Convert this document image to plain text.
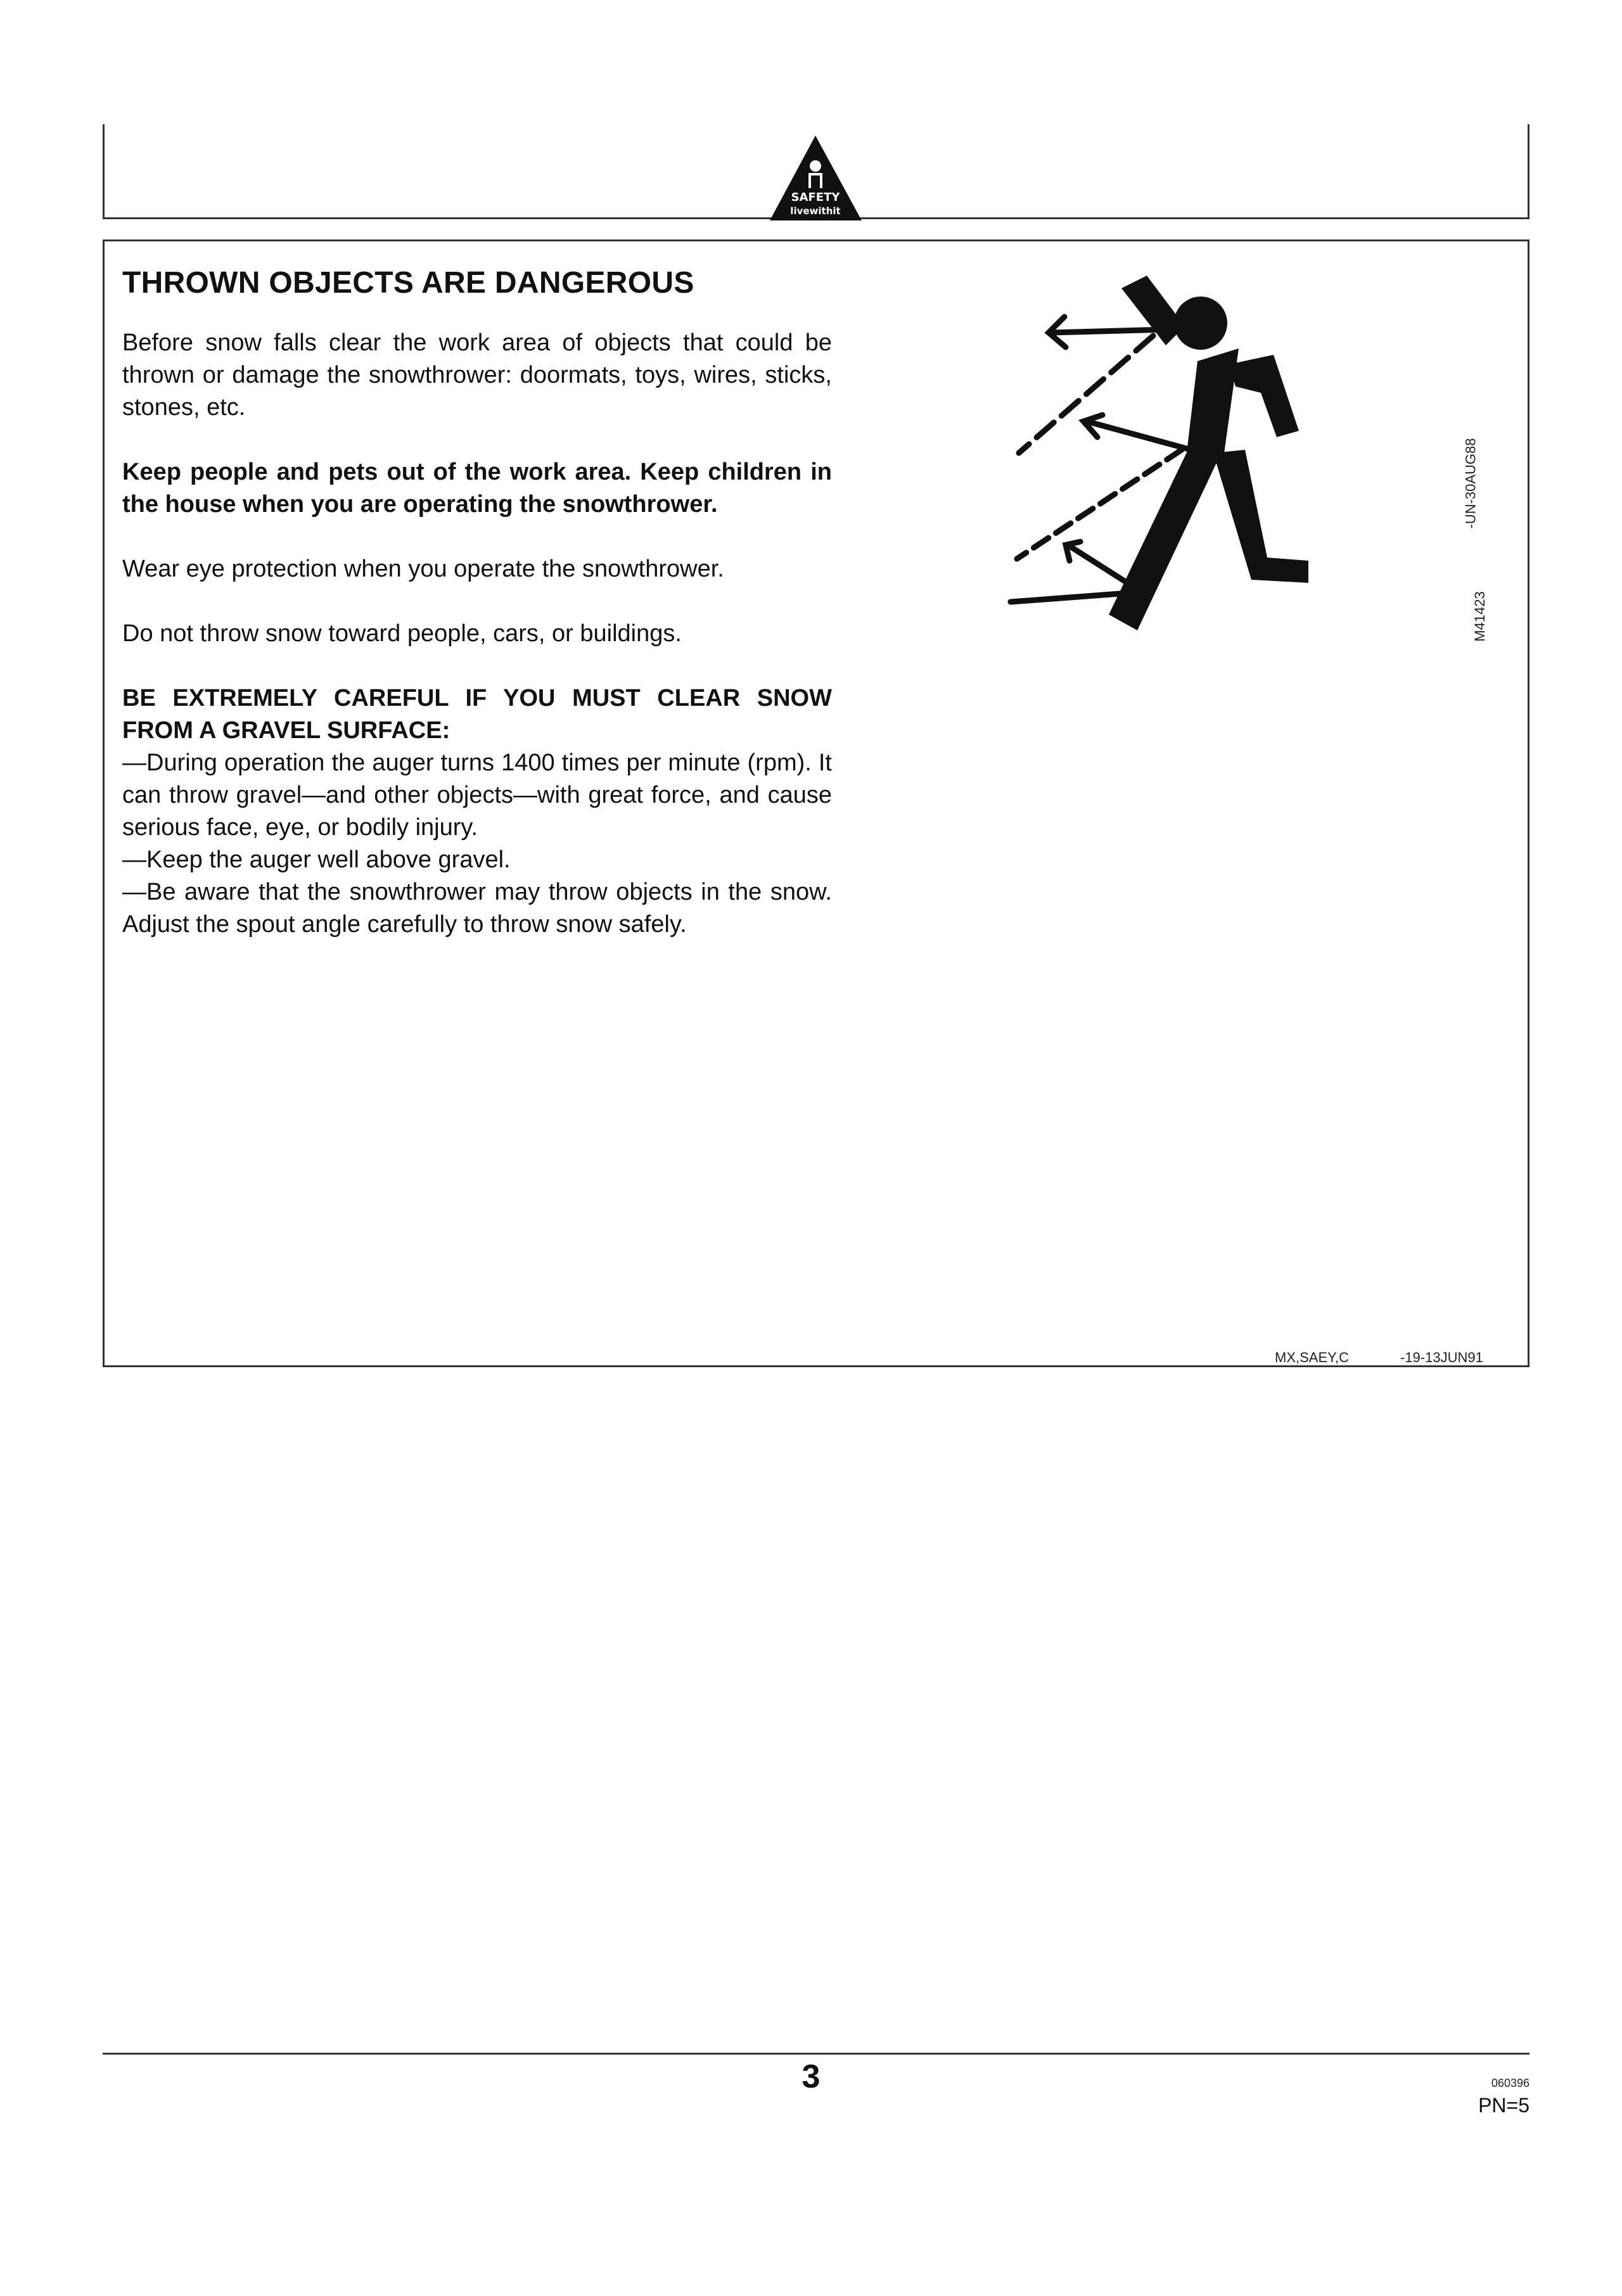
SAFETY
livewithit
THROWN OBJECTS ARE DANGEROUS
Before snow falls clear the work area of objects that could be thrown or damage the snowthrower: doormats, toys, wires, sticks, stones, etc.
Keep people and pets out of the work area. Keep children in the house when you are operating the snowthrower.
Wear eye protection when you operate the snowthrower.
Do not throw snow toward people, cars, or buildings.
BE EXTREMELY CAREFUL IF YOU MUST CLEAR SNOW FROM A GRAVEL SURFACE:
—During operation the auger turns 1400 times per minute (rpm). It can throw gravel—and other objects—with great force, and cause serious face, eye, or bodily injury.
—Keep the auger well above gravel.
—Be aware that the snowthrower may throw objects in the snow. Adjust the spout angle carefully to throw snow safely.
M41423
-UN-30AUG88
MX,SAEY,C	-19-13JUN91
3	060396
PN=5
